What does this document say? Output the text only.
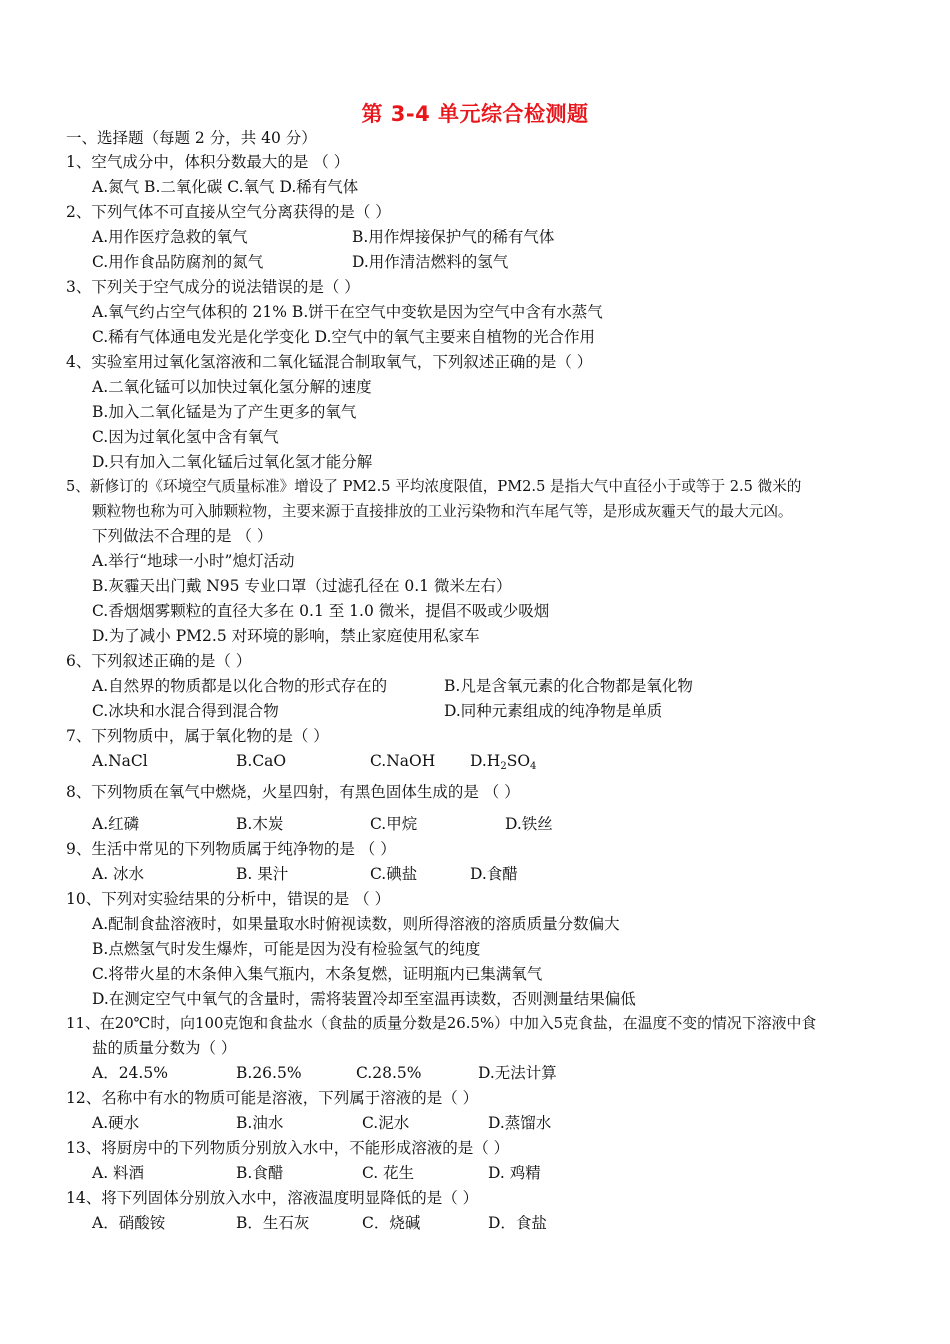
第 3-4 单元综合检测题
一、选择题（每题 2 分，共 40 分）
1、空气成分中，体积分数最大的是 （ ）
A.氮气 B.二氧化碳 C.氧气 D.稀有气体
2、下列气体不可直接从空气分离获得的是（ ）
A.用作医疗急救的氧气	B.用作焊接保护气的稀有气体
C.用作食品防腐剂的氮气	D.用作清洁燃料的氢气
3、下列关于空气成分的说法错误的是（ ）
A.氧气约占空气体积的 21% B.饼干在空气中变软是因为空气中含有水蒸气
C.稀有气体通电发光是化学变化 D.空气中的氧气主要来自植物的光合作用
4、实验室用过氧化氢溶液和二氧化锰混合制取氧气，下列叙述正确的是（ ）
A.二氧化锰可以加快过氧化氢分解的速度
B.加入二氧化锰是为了产生更多的氧气
C.因为过氧化氢中含有氧气
D.只有加入二氧化锰后过氧化氢才能分解
5、新修订的《环境空气质量标准》增设了 PM2.5 平均浓度限值，PM2.5 是指大气中直径小于或等于 2.5 微米的
颗粒物也称为可入肺颗粒物，主要来源于直接排放的工业污染物和汽车尾气等，是形成灰霾天气的最大元凶。
下列做法不合理的是 （ ）
A.举行“地球一小时”熄灯活动
B.灰霾天出门戴 N95 专业口罩（过滤孔径在 0.1 微米左右）
C.香烟烟雾颗粒的直径大多在 0.1 至 1.0 微米，提倡不吸或少吸烟
D.为了减小 PM2.5 对环境的影响，禁止家庭使用私家车
6、下列叙述正确的是（ ）
A.自然界的物质都是以化合物的形式存在的	B.凡是含氧元素的化合物都是氧化物
C.冰块和水混合得到混合物	D.同种元素组成的纯净物是单质
7、下列物质中，属于氧化物的是（ ）
A.NaCl	B.CaO	C.NaOH $D.H_2SO_4$
8、下列物质在氧气中燃烧，火星四射，有黑色固体生成的是 （ ）
A.红磷	B.木炭	C.甲烷	D.铁丝
9、生活中常见的下列物质属于纯净物的是 （ ）
A. 冰水	B. 果汁	C.碘盐	D.食醋
10、下列对实验结果的分析中，错误的是 （ ）
A.配制食盐溶液时，如果量取水时俯视读数，则所得溶液的溶质质量分数偏大
B.点燃氢气时发生爆炸，可能是因为没有检验氢气的纯度
C.将带火星的木条伸入集气瓶内，木条复燃，证明瓶内已集满氧气
D.在测定空气中氧气的含量时，需将装置冷却至室温再读数，否则测量结果偏低
11、在20℃时，向100克饱和食盐水（食盐的质量分数是26.5%）中加入5克食盐，在温度不变的情况下溶液中食
盐的质量分数为（ ）
A．24.5%	B.26.5%	C.28.5%	D.无法计算
12、名称中有水的物质可能是溶液，下列属于溶液的是（ ）
A.硬水	B.油水	C.泥水	D.蒸馏水
13、将厨房中的下列物质分别放入水中，不能形成溶液的是（ ）
A. 料酒	B.食醋	C. 花生	D. 鸡精
14、将下列固体分别放入水中，溶液温度明显降低的是（ ）
A．硝酸铵	B．生石灰	C．烧碱	D．食盐
